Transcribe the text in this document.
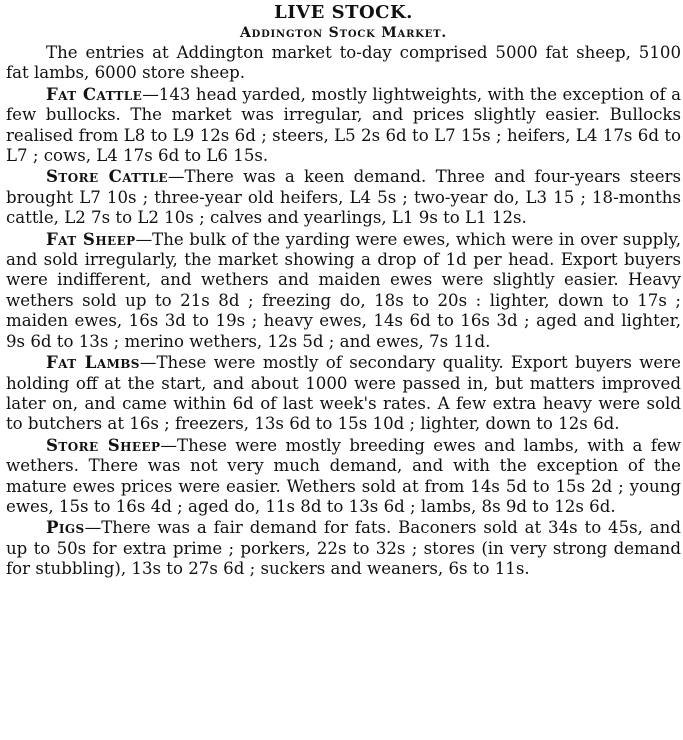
LIVE STOCK.
Addington Stock Market.

The entries at Addington market to-day comprised 5000 fat sheep, 5100 fat lambs, 6000 store sheep.

Fat Cattle—143 head yarded, mostly lightweights, with the exception of a few bullocks. The market was irregular, and prices slightly easier. Bullocks realised from L8 to L9 12s 6d ; steers, L5 2s 6d to L7 15s ; heifers, L4 17s 6d to L7 ; cows, L4 17s 6d to L6 15s.

Store Cattle—There was a keen demand. Three and four-years steers brought L7 10s ; three-year old heifers, L4 5s ; two-year do, L3 15 ; 18-months cattle, L2 7s to L2 10s ; calves and yearlings, L1 9s to L1 12s.

Fat Sheep—The bulk of the yarding were ewes, which were in over supply, and sold irregularly, the market showing a drop of 1d per head. Export buyers were indifferent, and wethers and maiden ewes were slightly easier. Heavy wethers sold up to 21s 8d ; freezing do, 18s to 20s : lighter, down to 17s ; maiden ewes, 16s 3d to 19s ; heavy ewes, 14s 6d to 16s 3d ; aged and lighter, 9s 6d to 13s ; merino wethers, 12s 5d ; and ewes, 7s 11d.

Fat Lambs—These were mostly of secondary quality. Export buyers were holding off at the start, and about 1000 were passed in, but matters improved later on, and came within 6d of last week's rates. A few extra heavy were sold to butchers at 16s ; freezers, 13s 6d to 15s 10d ; lighter, down to 12s 6d.

Store Sheep—These were mostly breeding ewes and lambs, with a few wethers. There was not very much demand, and with the exception of the mature ewes prices were easier. Wethers sold at from 14s 5d to 15s 2d ; young ewes, 15s to 16s 4d ; aged do, 11s 8d to 13s 6d ; lambs, 8s 9d to 12s 6d.

Pigs—There was a fair demand for fats. Baconers sold at 34s to 45s, and up to 50s for extra prime ; porkers, 22s to 32s ; stores (in very strong demand for stubbling), 13s to 27s 6d ; suckers and weaners, 6s to 11s.
